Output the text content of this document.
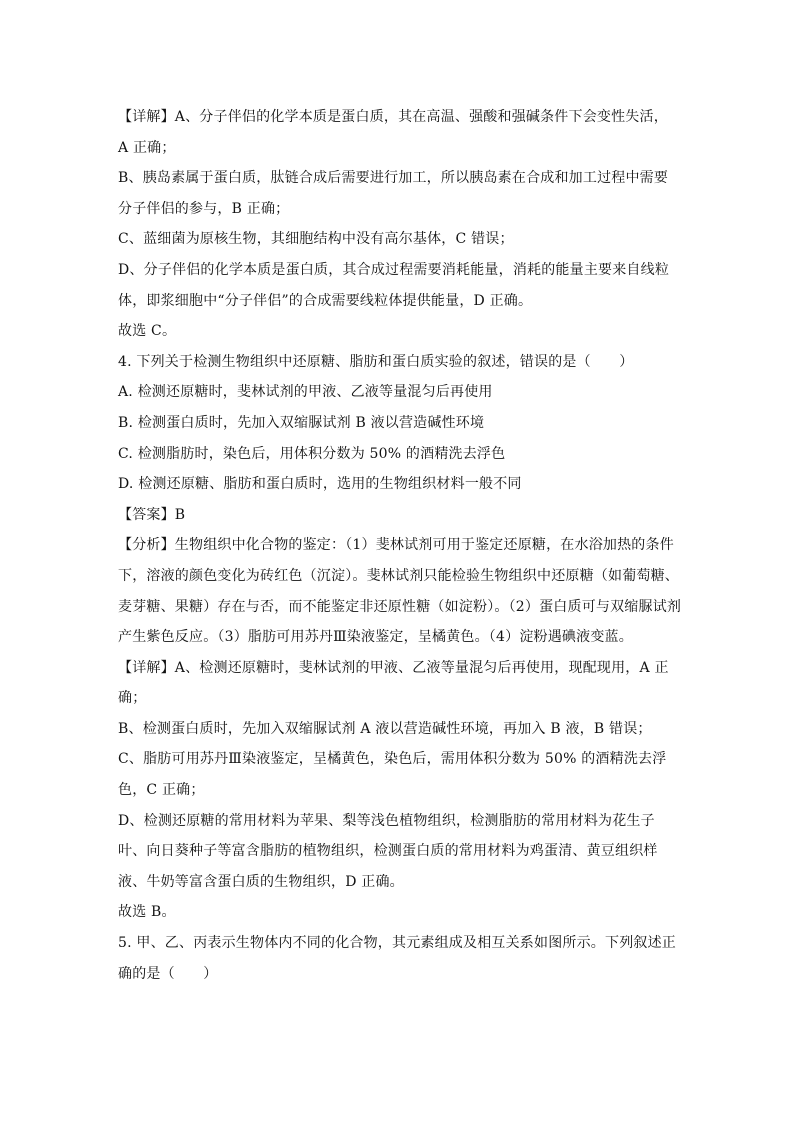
【详解】A、分子伴侣的化学本质是蛋白质，其在高温、强酸和强碱条件下会变性失活，
A 正确；
B、胰岛素属于蛋白质，肽链合成后需要进行加工，所以胰岛素在合成和加工过程中需要
分子伴侣的参与，B 正确；
C、蓝细菌为原核生物，其细胞结构中没有高尔基体，C 错误；
D、分子伴侣的化学本质是蛋白质，其合成过程需要消耗能量，消耗的能量主要来自线粒
体，即浆细胞中“分子伴侣”的合成需要线粒体提供能量，D 正确。
故选 C。
4. 下列关于检测生物组织中还原糖、脂肪和蛋白质实验的叙述，错误的是（　　）
A. 检测还原糖时，斐林试剂的甲液、乙液等量混匀后再使用
B. 检测蛋白质时，先加入双缩脲试剂 B 液以营造碱性环境
C. 检测脂肪时，染色后，用体积分数为 50% 的酒精洗去浮色
D. 检测还原糖、脂肪和蛋白质时，选用的生物组织材料一般不同
【答案】B
【分析】生物组织中化合物的鉴定：（1）斐林试剂可用于鉴定还原糖，在水浴加热的条件
下，溶液的颜色变化为砖红色（沉淀）。斐林试剂只能检验生物组织中还原糖（如葡萄糖、
麦芽糖、果糖）存在与否，而不能鉴定非还原性糖（如淀粉）。（2）蛋白质可与双缩脲试剂
产生紫色反应。（3）脂肪可用苏丹Ⅲ染液鉴定，呈橘黄色。（4）淀粉遇碘液变蓝。
【详解】A、检测还原糖时，斐林试剂的甲液、乙液等量混匀后再使用，现配现用，A 正
确；
B、检测蛋白质时，先加入双缩脲试剂 A 液以营造碱性环境，再加入 B 液，B 错误；
C、脂肪可用苏丹Ⅲ染液鉴定，呈橘黄色，染色后，需用体积分数为 50% 的酒精洗去浮
色，C 正确；
D、检测还原糖的常用材料为苹果、梨等浅色植物组织，检测脂肪的常用材料为花生子
叶、向日葵种子等富含脂肪的植物组织，检测蛋白质的常用材料为鸡蛋清、黄豆组织样
液、牛奶等富含蛋白质的生物组织，D 正确。
故选 B。
5. 甲、乙、丙表示生物体内不同的化合物，其元素组成及相互关系如图所示。下列叙述正
确的是（　　）
